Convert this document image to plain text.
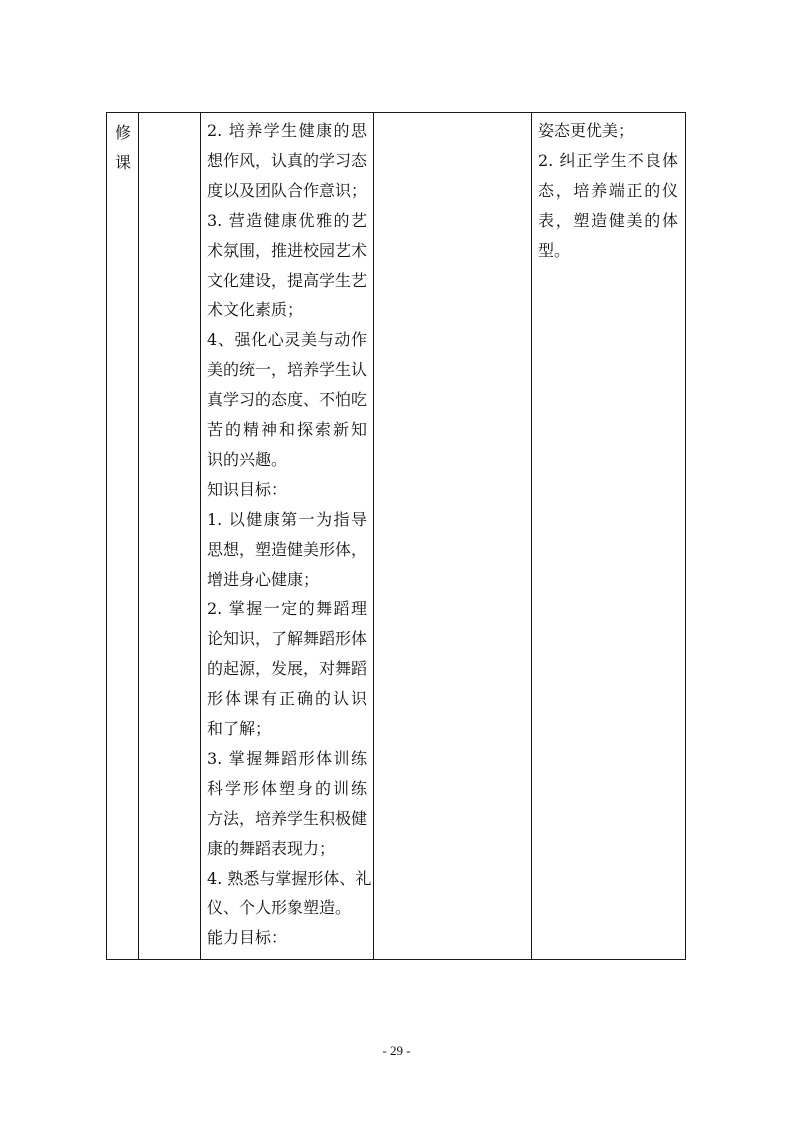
修
课
2. 培养学生健康的思
想作风，认真的学习态
度以及团队合作意识；
3. 营造健康优雅的艺
术氛围，推进校园艺术
文化建设，提高学生艺
术文化素质；
4、强化心灵美与动作
美的统一，培养学生认
真学习的态度、不怕吃
苦的精神和探索新知
识的兴趣。
知识目标：
1. 以健康第一为指导
思想，塑造健美形体，
增进身心健康；
2. 掌握一定的舞蹈理
论知识，了解舞蹈形体
的起源，发展，对舞蹈
形体课有正确的认识
和了解；
3. 掌握舞蹈形体训练
科学形体塑身的训练
方法，培养学生积极健
康的舞蹈表现力；
4. 熟悉与掌握形体、礼
仪、个人形象塑造。
能力目标：
姿态更优美；
2. 纠正学生不良体
态，培养端正的仪
表，塑造健美的体
型。
- 29 -
